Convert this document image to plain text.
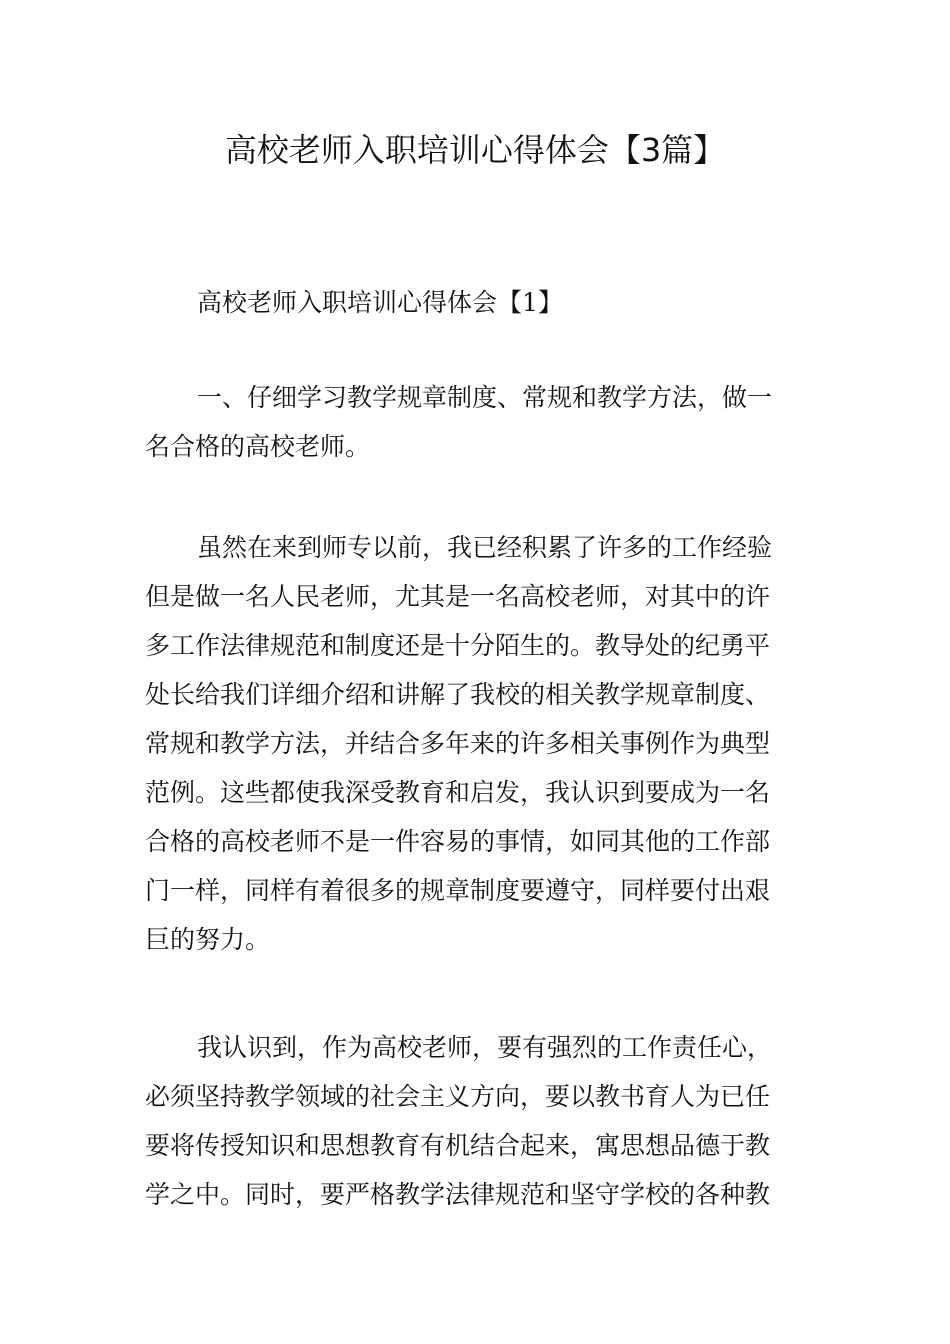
高校老师入职培训心得体会【3篇】
高校老师入职培训心得体会【1】
一、仔细学习教学规章制度、常规和教学方法，做一
名合格的高校老师。
虽然在来到师专以前，我已经积累了许多的工作经验
但是做一名人民老师，尤其是一名高校老师，对其中的许
多工作法律规范和制度还是十分陌生的。教导处的纪勇平
处长给我们详细介绍和讲解了我校的相关教学规章制度、
常规和教学方法，并结合多年来的许多相关事例作为典型
范例。这些都使我深受教育和启发，我认识到要成为一名
合格的高校老师不是一件容易的事情，如同其他的工作部
门一样，同样有着很多的规章制度要遵守，同样要付出艰
巨的努力。
我认识到，作为高校老师，要有强烈的工作责任心，
必须坚持教学领域的社会主义方向，要以教书育人为已任
要将传授知识和思想教育有机结合起来，寓思想品德于教
学之中。同时，要严格教学法律规范和坚守学校的各种教
